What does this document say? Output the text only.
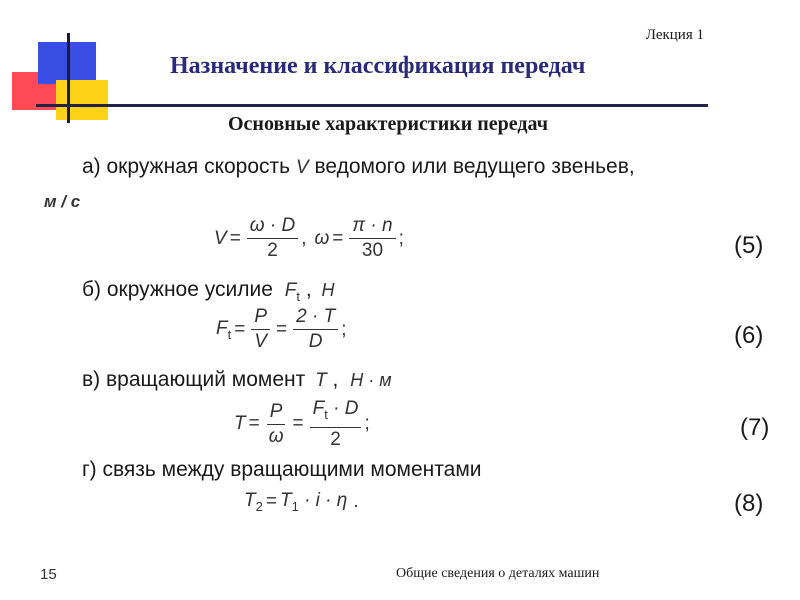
Лекция 1
Назначение и классификация передач
Основные характеристики передач
а) окружная скорость V ведомого или ведущего звеньев,
м / с
$V = \frac{\omega \cdot D}{2}$ , $\omega = \frac{\pi \cdot n}{30}$ ;	(5)
б) окружное усилие $F_t$ , Н
$F_t = \frac{P}{V} = \frac{2 \cdot T}{D}$ ;	(6)
в) вращающий момент T , Н · м
$T = \frac{P}{\omega} = \frac{F_t \cdot D}{2}$ ;	(7)
г) связь между вращающими моментами
$T_2 = T_1 \cdot i \cdot \eta$ .	(8)
15	Общие сведения о деталях машин
